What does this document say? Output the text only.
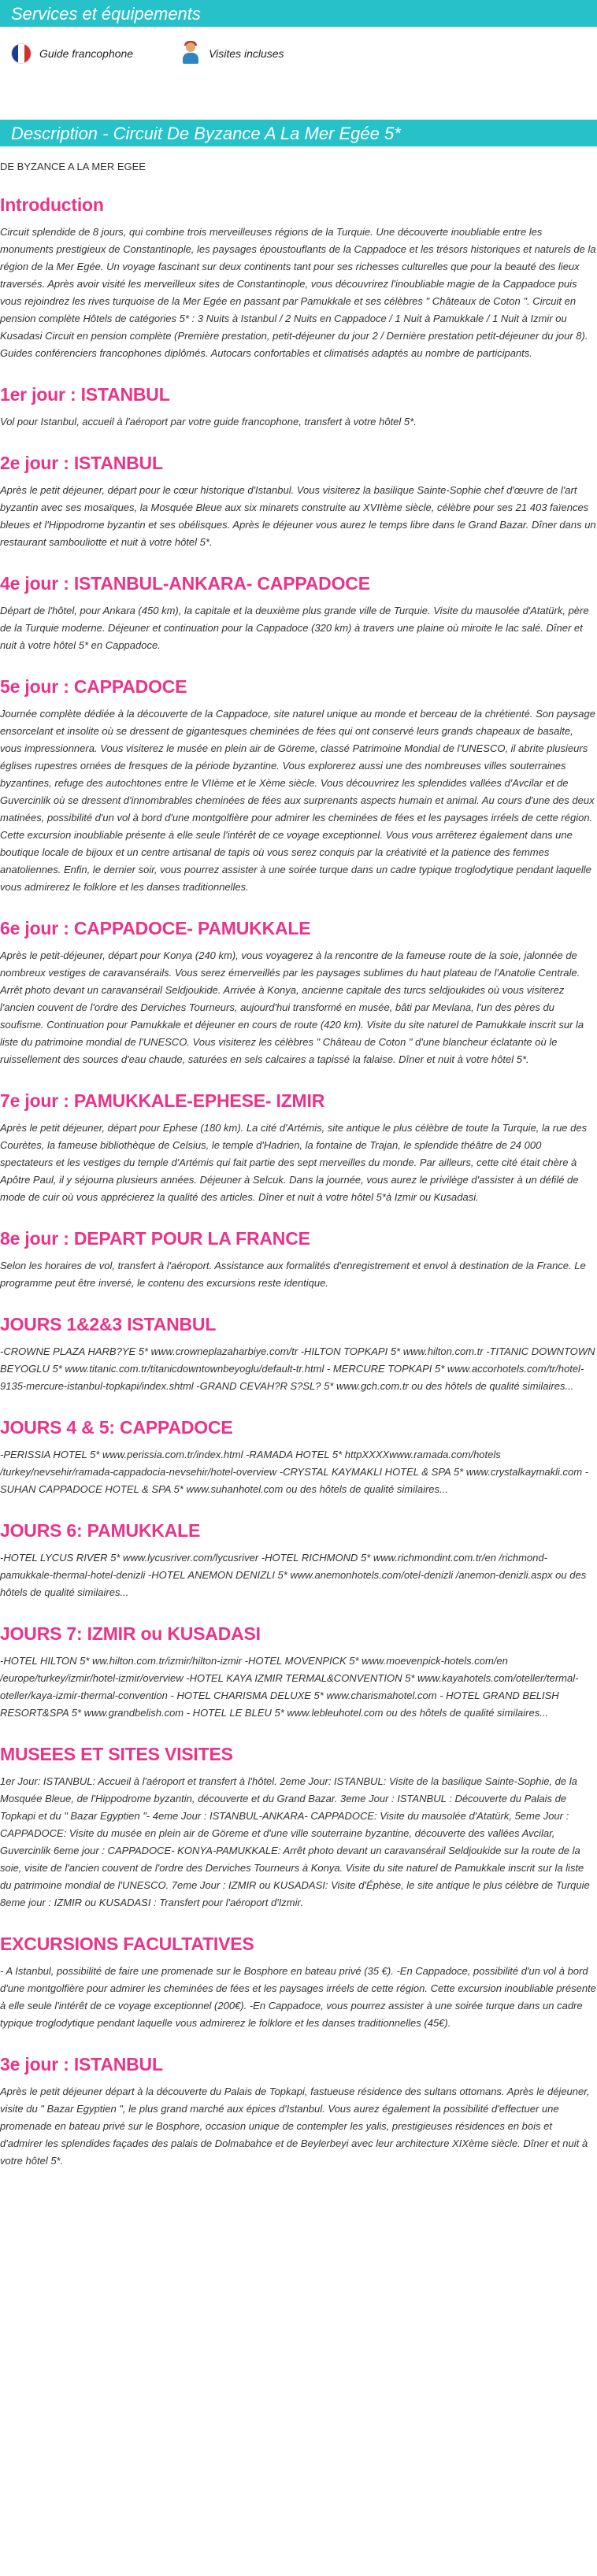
Services et équipements
Guide francophone	Visites incluses
Description - Circuit De Byzance A La Mer Egée 5*

DE BYZANCE A LA MER EGEE

Introduction

Circuit splendide de 8 jours, qui combine trois merveilleuses régions de la Turquie. Une découverte inoubliable entre les monuments prestigieux de Constantinople, les paysages époustouflants de la Cappadoce et les trésors historiques et naturels de la région de la Mer Egée. Un voyage fascinant sur deux continents tant pour ses richesses culturelles que pour la beauté des lieux traversés. Après avoir visité les merveilleux sites de Constantinople, vous découvrirez l'inoubliable magie de la Cappadoce puis vous rejoindrez les rives turquoise de la Mer Egée en passant par Pamukkale et ses célèbres " Châteaux de Coton ". Circuit en pension complète Hôtels de catégories 5* : 3 Nuits à Istanbul / 2 Nuits en Cappadoce / 1 Nuit à Pamukkale / 1 Nuit à Izmir ou Kusadasi Circuit en pension complète (Première prestation, petit-déjeuner du jour 2 / Dernière prestation petit-déjeuner du jour 8). Guides conférenciers francophones diplômés. Autocars confortables et climatisés adaptés au nombre de participants.

1er jour : ISTANBUL

Vol pour Istanbul, accueil à l'aéroport par votre guide francophone, transfert à votre hôtel 5*.

2e jour : ISTANBUL

Après le petit déjeuner, départ pour le cœur historique d'Istanbul. Vous visiterez la basilique Sainte-Sophie chef d'œuvre de l'art byzantin avec ses mosaïques, la Mosquée Bleue aux six minarets construite au XVIIème siècle, célèbre pour ses 21 403 faïences bleues et l'Hippodrome byzantin et ses obélisques. Après le déjeuner vous aurez le temps libre dans le Grand Bazar. Dîner dans un restaurant sambouliotte et nuit à votre hôtel 5*.

4e jour : ISTANBUL-ANKARA- CAPPADOCE

Départ de l'hôtel, pour Ankara (450 km), la capitale et la deuxième plus grande ville de Turquie. Visite du mausolée d'Atatürk, père de la Turquie moderne. Déjeuner et continuation pour la Cappadoce (320 km) à travers une plaine où miroite le lac salé. Dîner et nuit à votre hôtel 5* en Cappadoce.

5e jour : CAPPADOCE

Journée complète dédiée à la découverte de la Cappadoce, site naturel unique au monde et berceau de la chrétienté. Son paysage ensorcelant et insolite où se dressent de gigantesques cheminées de fées qui ont conservé leurs grands chapeaux de basalte, vous impressionnera. Vous visiterez le musée en plein air de Göreme, classé Patrimoine Mondial de l'UNESCO, il abrite plusieurs églises rupestres ornées de fresques de la période byzantine. Vous explorerez aussi une des nombreuses villes souterraines byzantines, refuge des autochtones entre le VIIème et le Xème siècle. Vous découvrirez les splendides vallées d'Avcilar et de Guvercinlik où se dressent d'innombrables cheminées de fées aux surprenants aspects humain et animal. Au cours d'une des deux matinées, possibilité d'un vol à bord d'une montgolfière pour admirer les cheminées de fées et les paysages irréels de cette région. Cette excursion inoubliable présente à elle seule l'intérêt de ce voyage exceptionnel. Vous vous arrêterez également dans une boutique locale de bijoux et un centre artisanal de tapis où vous serez conquis par la créativité et la patience des femmes anatoliennes. Enfin, le dernier soir, vous pourrez assister à une soirée turque dans un cadre typique troglodytique pendant laquelle vous admirerez le folklore et les danses traditionnelles.

6e jour : CAPPADOCE- PAMUKKALE

Après le petit-déjeuner, départ pour Konya (240 km), vous voyagerez à la rencontre de la fameuse route de la soie, jalonnée de nombreux vestiges de caravansérails. Vous serez émerveillés par les paysages sublimes du haut plateau de l'Anatolie Centrale. Arrêt photo devant un caravansérail Seldjoukide. Arrivée à Konya, ancienne capitale des turcs seldjoukides où vous visiterez l'ancien couvent de l'ordre des Derviches Tourneurs, aujourd'hui transformé en musée, bâti par Mevlana, l'un des pères du soufisme. Continuation pour Pamukkale et déjeuner en cours de route (420 km). Visite du site naturel de Pamukkale inscrit sur la liste du patrimoine mondial de l'UNESCO. Vous visiterez les célèbres " Château de Coton " d'une blancheur éclatante où le ruissellement des sources d'eau chaude, saturées en sels calcaires a tapissé la falaise. Dîner et nuit à votre hôtel 5*.

7e jour : PAMUKKALE-EPHESE- IZMIR

Après le petit déjeuner, départ pour Ephese (180 km). La cité d'Artémis, site antique le plus célèbre de toute la Turquie, la rue des Courètes, la fameuse bibliothèque de Celsius, le temple d'Hadrien, la fontaine de Trajan, le splendide théâtre de 24 000 spectateurs et les vestiges du temple d'Artémis qui fait partie des sept merveilles du monde. Par ailleurs, cette cité était chère à Apôtre Paul, il y séjourna plusieurs années. Déjeuner à Selcuk. Dans la journée, vous aurez le privilège d'assister à un défilé de mode de cuir où vous apprécierez la qualité des articles. Dîner et nuit à votre hôtel 5*à Izmir ou Kusadasi.

8e jour : DEPART POUR LA FRANCE

Selon les horaires de vol, transfert à l'aéroport. Assistance aux formalités d'enregistrement et envol à destination de la France. Le programme peut être inversé, le contenu des excursions reste identique.

JOURS 1&2&3 ISTANBUL

-CROWNE PLAZA HARB?YE 5* www.crowneplazaharbiye.com/tr -HILTON TOPKAPI 5* www.hilton.com.tr -TITANIC DOWNTOWN BEYOGLU 5* www.titanic.com.tr/titanicdowntownbeyoglu/default-tr.html - MERCURE TOPKAPI 5* www.accorhotels.com/tr/hotel-9135-mercure-istanbul-topkapi/index.shtml -GRAND CEVAH?R S?SL? 5* www.gch.com.tr ou des hôtels de qualité similaires...

JOURS 4 & 5: CAPPADOCE

-PERISSIA HOTEL 5* www.perissia.com.tr/index.html -RAMADA HOTEL 5* httpXXXXwww.ramada.com/hotels /turkey/nevsehir/ramada-cappadocia-nevsehir/hotel-overview -CRYSTAL KAYMAKLI HOTEL & SPA 5* www.crystalkaymakli.com -SUHAN CAPPADOCE HOTEL & SPA 5* www.suhanhotel.com ou des hôtels de qualité similaires...

JOURS 6: PAMUKKALE

-HOTEL LYCUS RIVER 5* www.lycusriver.com/lycusriver -HOTEL RICHMOND 5* www.richmondint.com.tr/en /richmond-pamukkale-thermal-hotel-denizli -HOTEL ANEMON DENIZLI 5* www.anemonhotels.com/otel-denizli /anemon-denizli.aspx ou des hôtels de qualité similaires...

JOURS 7: IZMIR ou KUSADASI

-HOTEL HILTON 5* ww.hilton.com.tr/izmir/hilton-izmir -HOTEL MOVENPICK 5* www.moevenpick-hotels.com/en /europe/turkey/izmir/hotel-izmir/overview -HOTEL KAYA IZMIR TERMAL&CONVENTION 5* www.kayahotels.com/oteller/termal-oteller/kaya-izmir-thermal-convention - HOTEL CHARISMA DELUXE 5* www.charismahotel.com - HOTEL GRAND BELISH RESORT&SPA 5* www.grandbelish.com - HOTEL LE BLEU 5* www.lebleuhotel.com ou des hôtels de qualité similaires...

MUSEES ET SITES VISITES

1er Jour: ISTANBUL: Accueil à l'aéroport et transfert à l'hôtel. 2eme Jour: ISTANBUL: Visite de la basilique Sainte-Sophie, de la Mosquée Bleue, de l'Hippodrome byzantin, découverte et du Grand Bazar. 3eme Jour : ISTANBUL : Découverte du Palais de Topkapi et du " Bazar Egyptien "- 4eme Jour : ISTANBUL-ANKARA- CAPPADOCE: Visite du mausolée d'Atatürk, 5eme Jour : CAPPADOCE: Visite du musée en plein air de Göreme et d'une ville souterraine byzantine, découverte des vallées Avcilar, Guvercinlik 6eme jour : CAPPADOCE- KONYA-PAMUKKALE: Arrêt photo devant un caravansérail Seldjoukide sur la route de la soie, visite de l'ancien couvent de l'ordre des Derviches Tourneurs à Konya. Visite du site naturel de Pamukkale inscrit sur la liste du patrimoine mondial de l'UNESCO. 7eme Jour : IZMIR ou KUSADASI: Visite d'Éphèse, le site antique le plus célèbre de Turquie 8eme jour : IZMIR ou KUSADASI : Transfert pour l'aéroport d'Izmir.

EXCURSIONS FACULTATIVES

- A Istanbul, possibilité de faire une promenade sur le Bosphore en bateau privé (35 €). -En Cappadoce, possibilité d'un vol à bord d'une montgolfière pour admirer les cheminées de fées et les paysages irréels de cette région. Cette excursion inoubliable présente à elle seule l'intérêt de ce voyage exceptionnel (200€). -En Cappadoce, vous pourrez assister à une soirée turque dans un cadre typique troglodytique pendant laquelle vous admirerez le folklore et les danses traditionnelles (45€).

3e jour : ISTANBUL

Après le petit déjeuner départ à la découverte du Palais de Topkapi, fastueuse résidence des sultans ottomans. Après le déjeuner, visite du " Bazar Egyptien ", le plus grand marché aux épices d'Istanbul. Vous aurez également la possibilité d'effectuer une promenade en bateau privé sur le Bosphore, occasion unique de contempler les yalis, prestigieuses résidences en bois et d'admirer les splendides façades des palais de Dolmabahce et de Beylerbeyi avec leur architecture XIXème siècle. Dîner et nuit à votre hôtel 5*.
